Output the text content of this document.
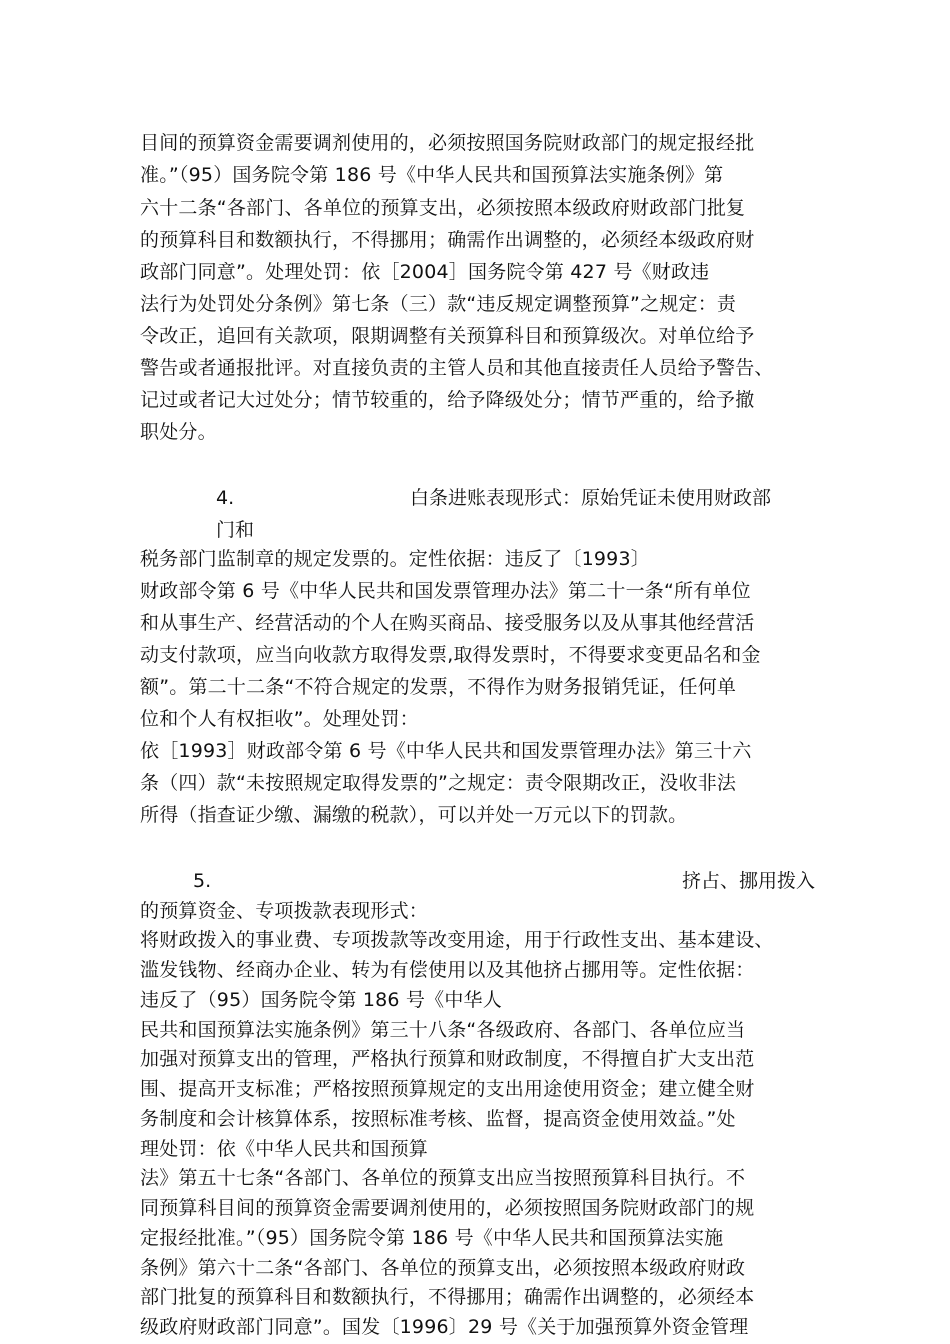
目间的预算资金需要调剂使用的，必须按照国务院财政部门的规定报经批
准。”（95）国务院令第 186 号《中华人民共和国预算法实施条例》第
六十二条“各部门、各单位的预算支出，必须按照本级政府财政部门批复
的预算科目和数额执行，不得挪用；确需作出调整的，必须经本级政府财
政部门同意”。处理处罚：依［2004］国务院令第 427 号《财政违
法行为处罚处分条例》第七条（三）款“违反规定调整预算”之规定：责
令改正，追回有关款项，限期调整有关预算科目和预算级次。对单位给予
警告或者通报批评。对直接负责的主管人员和其他直接责任人员给予警告、
记过或者记大过处分；情节较重的，给予降级处分；情节严重的，给予撤
职处分。
4.	白条进账表现形式：原始凭证未使用财政部
门和
税务部门监制章的规定发票的。定性依据：违反了〔1993〕
财政部令第 6 号《中华人民共和国发票管理办法》第二十一条“所有单位
和从事生产、经营活动的个人在购买商品、接受服务以及从事其他经营活
动支付款项，应当向收款方取得发票,取得发票时，不得要求变更品名和金
额”。第二十二条“不符合规定的发票，不得作为财务报销凭证，任何单
位和个人有权拒收”。处理处罚：
依［1993］财政部令第 6 号《中华人民共和国发票管理办法》第三十六
条（四）款“未按照规定取得发票的”之规定：责令限期改正，没收非法
所得（指查证少缴、漏缴的税款），可以并处一万元以下的罚款。
5.	挤占、挪用拨入
的预算资金、专项拨款表现形式：
将财政拨入的事业费、专项拨款等改变用途，用于行政性支出、基本建设、
滥发钱物、经商办企业、转为有偿使用以及其他挤占挪用等。定性依据：
违反了（95）国务院令第 186 号《中华人
民共和国预算法实施条例》第三十八条“各级政府、各部门、各单位应当
加强对预算支出的管理，严格执行预算和财政制度，不得擅自扩大支出范
围、提高开支标准；严格按照预算规定的支出用途使用资金；建立健全财
务制度和会计核算体系，按照标准考核、监督，提高资金使用效益。”处
理处罚：依《中华人民共和国预算
法》第五十七条“各部门、各单位的预算支出应当按照预算科目执行。不
同预算科目间的预算资金需要调剂使用的，必须按照国务院财政部门的规
定报经批准。”（95）国务院令第 186 号《中华人民共和国预算法实施
条例》第六十二条“各部门、各单位的预算支出，必须按照本级政府财政
部门批复的预算科目和数额执行，不得挪用；确需作出调整的，必须经本
级政府财政部门同意”。国发〔1996〕29 号《关于加强预算外资金管理
